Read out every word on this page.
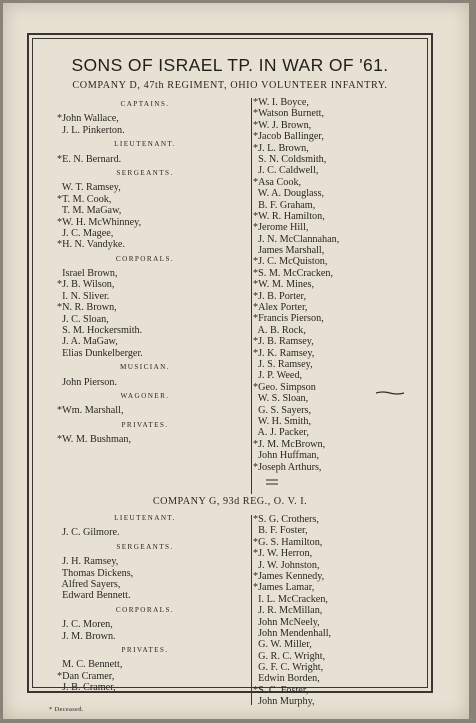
SONS OF ISRAEL TP. IN WAR OF '61.
COMPANY D, 47th REGIMENT, OHIO VOLUNTEER INFANTRY.
CAPTAINS.
*John Wallace,
J. L. Pinkerton.
LIEUTENANT.
*E. N. Bernard.
SERGEANTS.
W. T. Ramsey,
*T. M. Cook,
T. M. MaGaw,
*W. H. McWhinney,
J. C. Magee,
*H. N. Vandyke.
CORPORALS.
Israel Brown,
*J. B. Wilson,
I. N. Sliver.
*N. R. Brown,
J. C. Sloan,
S. M. Hockersmith.
J. A. MaGaw,
Elias Dunkelberger.
MUSICIAN.
John Pierson.
WAGONER.
*Wm. Marshall,
PRIVATES.
*W. M. Bushman,
*W. I. Boyce,
*Watson Burnett,
*W. J. Brown,
*Jacob Ballinger,
*J. L. Brown,
S. N. Coldsmith,
J. C. Caldwell,
*Asa Cook,
W. A. Douglass,
B. F. Graham,
*W. R. Hamilton,
*Jerome Hill,
J. N. McClannahan,
James Marshall,
*J. C. McQuiston,
*S. M. McCracken,
*W. M. Mines,
*J. B. Porter,
*Alex Porter,
*Francis Pierson,
A. B. Rock,
*J. B. Ramsey,
*J. K. Ramsey,
J. S. Ramsey,
J. P. Weed,
*Geo. Simpson
W. S. Sloan,
G. S. Sayers,
W. H. Smith,
A. J. Packer,
*J. M. McBrown,
John Huffman,
*Joseph Arthurs,
COMPANY G, 93d REG., O. V. I.
LIEUTENANT.
J. C. Gilmore.
SERGEANTS.
J. H. Ramsey,
Thomas Dickens,
Alfred Sayers,
Edward Bennett.
CORPORALS.
J. C. Moren,
J. M. Brown.
PRIVATES.
M. C. Bennett,
*Dan Cramer,
J. B. Cramer,
*S. G. Crothers,
B. F. Foster,
*G. S. Hamilton,
*J. W. Herron,
J. W. Johnston,
*James Kennedy,
*James Lamar,
I. L. McCracken,
J. R. McMillan,
John McNeely,
John Mendenhall,
G. W. Miller,
G. R. C. Wright,
G. F. C. Wright,
Edwin Borden,
*S. C. Foster,
John Murphy,
* Deceased.
